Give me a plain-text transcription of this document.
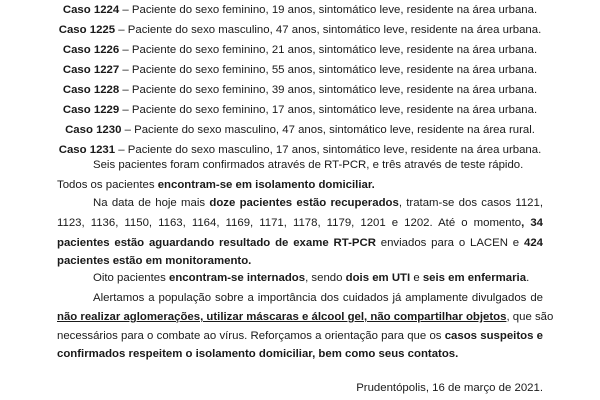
Caso 1224 – Paciente do sexo feminino, 19 anos, sintomático leve, residente na área urbana.
Caso 1225 – Paciente do sexo masculino, 47 anos, sintomático leve, residente na área urbana.
Caso 1226 – Paciente do sexo feminino, 21 anos, sintomático leve, residente na área urbana.
Caso 1227 – Paciente do sexo feminino, 55 anos, sintomático leve, residente na área urbana.
Caso 1228 – Paciente do sexo feminino, 39 anos, sintomático leve, residente na área urbana.
Caso 1229 – Paciente do sexo feminino, 17 anos, sintomático leve, residente na área urbana.
Caso 1230 – Paciente do sexo masculino, 47 anos, sintomático leve, residente na área rural.
Caso 1231 – Paciente do sexo masculino, 17 anos, sintomático leve, residente na área urbana.
Seis pacientes foram confirmados através de RT-PCR, e três através de teste rápido.
Todos os pacientes encontram-se em isolamento domiciliar.
Na data de hoje mais doze pacientes estão recuperados, tratam-se dos casos 1121,
1123, 1136, 1150, 1163, 1164, 1169, 1171, 1178, 1179, 1201 e 1202. Até o momento, 34
pacientes estão aguardando resultado de exame RT-PCR enviados para o LACEN e 424
pacientes estão em monitoramento.
Oito pacientes encontram-se internados, sendo dois em UTI e seis em enfermaria.
Alertamos a população sobre a importância dos cuidados já amplamente divulgados de
não realizar aglomerações, utilizar máscaras e álcool gel, não compartilhar objetos, que são
necessários para o combate ao vírus. Reforçamos a orientação para que os casos suspeitos e
confirmados respeitem o isolamento domiciliar, bem como seus contatos.
Prudentópolis, 16 de março de 2021.
